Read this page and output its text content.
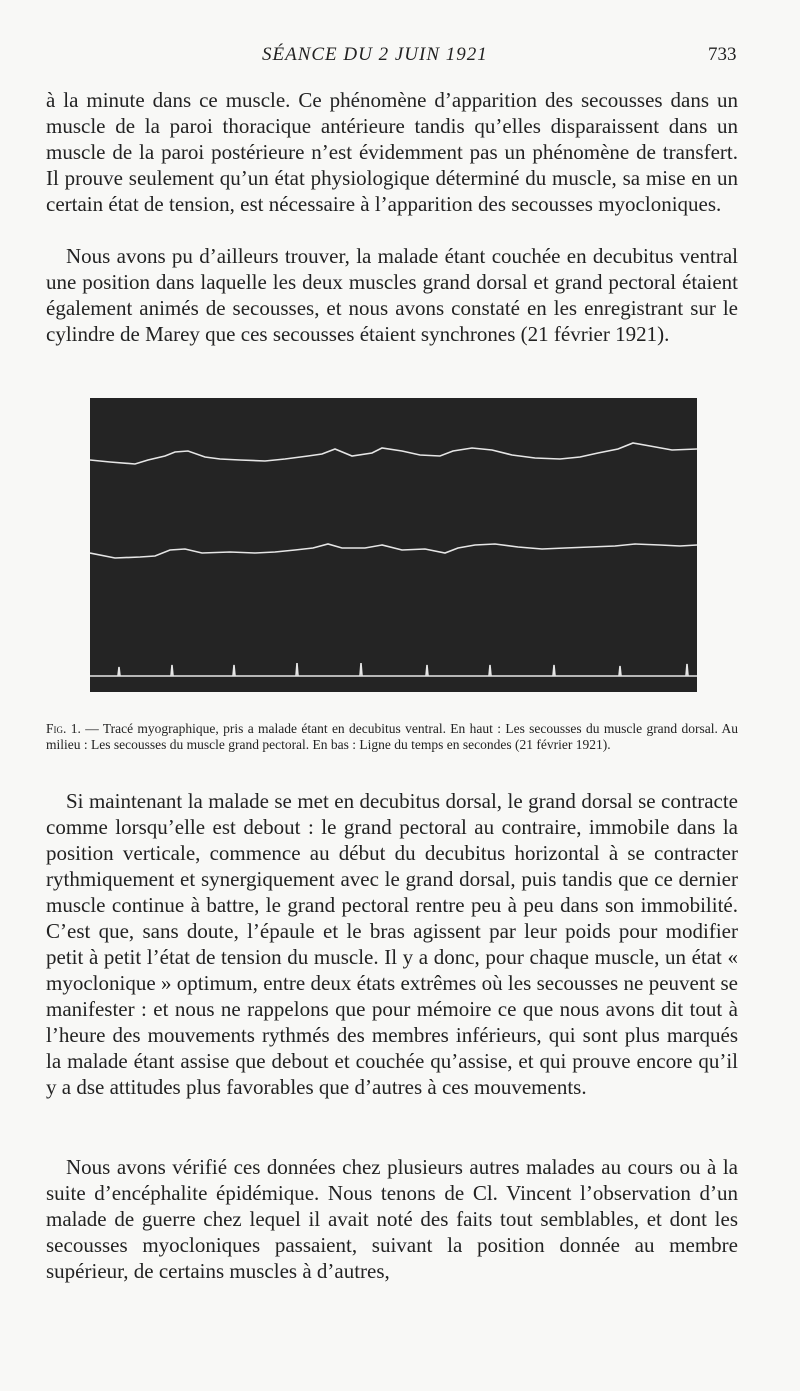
SÉANCE DU 2 JUIN 1921	733

à la minute dans ce muscle. Ce phénomène d’apparition des secousses dans un muscle de la paroi thoracique antérieure tandis qu’elles disparaissent dans un muscle de la paroi postérieure n’est évidemment pas un phénomène de transfert. Il prouve seulement qu’un état physiologique déterminé du muscle, sa mise en un certain état de tension, est nécessaire à l’apparition des secousses myocloniques.

Nous avons pu d’ailleurs trouver, la malade étant couchée en decubitus ventral une position dans laquelle les deux muscles grand dorsal et grand pectoral étaient également animés de secousses, et nous avons constaté en les enregistrant sur le cylindre de Marey que ces secousses étaient synchrones (21 février 1921).

Fig. 1. — Tracé myographique, pris a malade étant en decubitus ventral. En haut : Les secousses du muscle grand dorsal. Au milieu : Les secousses du muscle grand pectoral. En bas : Ligne du temps en secondes (21 février 1921).

Si maintenant la malade se met en decubitus dorsal, le grand dorsal se contracte comme lorsqu’elle est debout : le grand pectoral au contraire, immobile dans la position verticale, commence au début du decubitus horizontal à se contracter rythmiquement et synergiquement avec le grand dorsal, puis tandis que ce dernier muscle continue à battre, le grand pectoral rentre peu à peu dans son immobilité. C’est que, sans doute, l’épaule et le bras agissent par leur poids pour modifier petit à petit l’état de tension du muscle. Il y a donc, pour chaque muscle, un état « myoclonique » optimum, entre deux états extrêmes où les secousses ne peuvent se manifester : et nous ne rappelons que pour mémoire ce que nous avons dit tout à l’heure des mouvements rythmés des membres inférieurs, qui sont plus marqués la malade étant assise que debout et couchée qu’assise, et qui prouve encore qu’il y a dse attitudes plus favorables que d’autres à ces mouvements.

Nous avons vérifié ces données chez plusieurs autres malades au cours ou à la suite d’encéphalite épidémique. Nous tenons de Cl. Vincent l’observation d’un malade de guerre chez lequel il avait noté des faits tout semblables, et dont les secousses myocloniques passaient, suivant la position donnée au membre supérieur, de certains muscles à d’autres,
